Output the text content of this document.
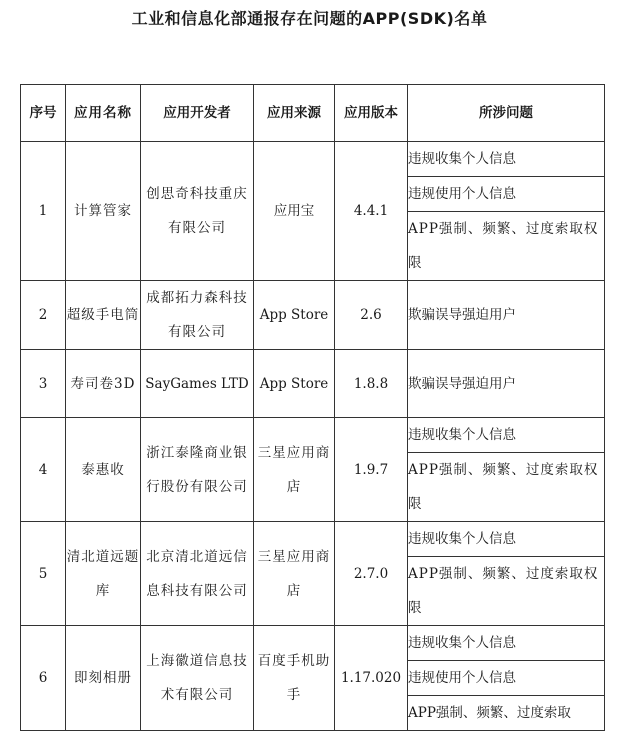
工业和信息化部通报存在问题的APP(SDK)名单
序号	应用名称	应用开发者	应用来源	应用版本	所涉问题
1	计算管家	创思奇科技重庆有限公司	应用宝	4.4.1	违规收集个人信息
					违规使用个人信息

					APP强制、频繁、过度索取权限

2	超级手电筒	成都拓力森科技有限公司	App Store	2.6	欺骗误导强迫用户
3	寿司卷3D	SayGames LTD	App Store	1.8.8	欺骗误导强迫用户
4	泰惠收	浙江泰隆商业银行股份有限公司	三星应用商店	1.9.7	违规收集个人信息

					APP强制、频繁、过度索取权限

5	清北道远题库	北京清北道远信息科技有限公司	三星应用商店	2.7.0	违规收集个人信息

					APP强制、频繁、过度索取权限

6	即刻相册	上海徽道信息技术有限公司	百度手机助手	1.17.020	违规收集个人信息
					违规使用个人信息
					APP强制、频繁、过度索取
